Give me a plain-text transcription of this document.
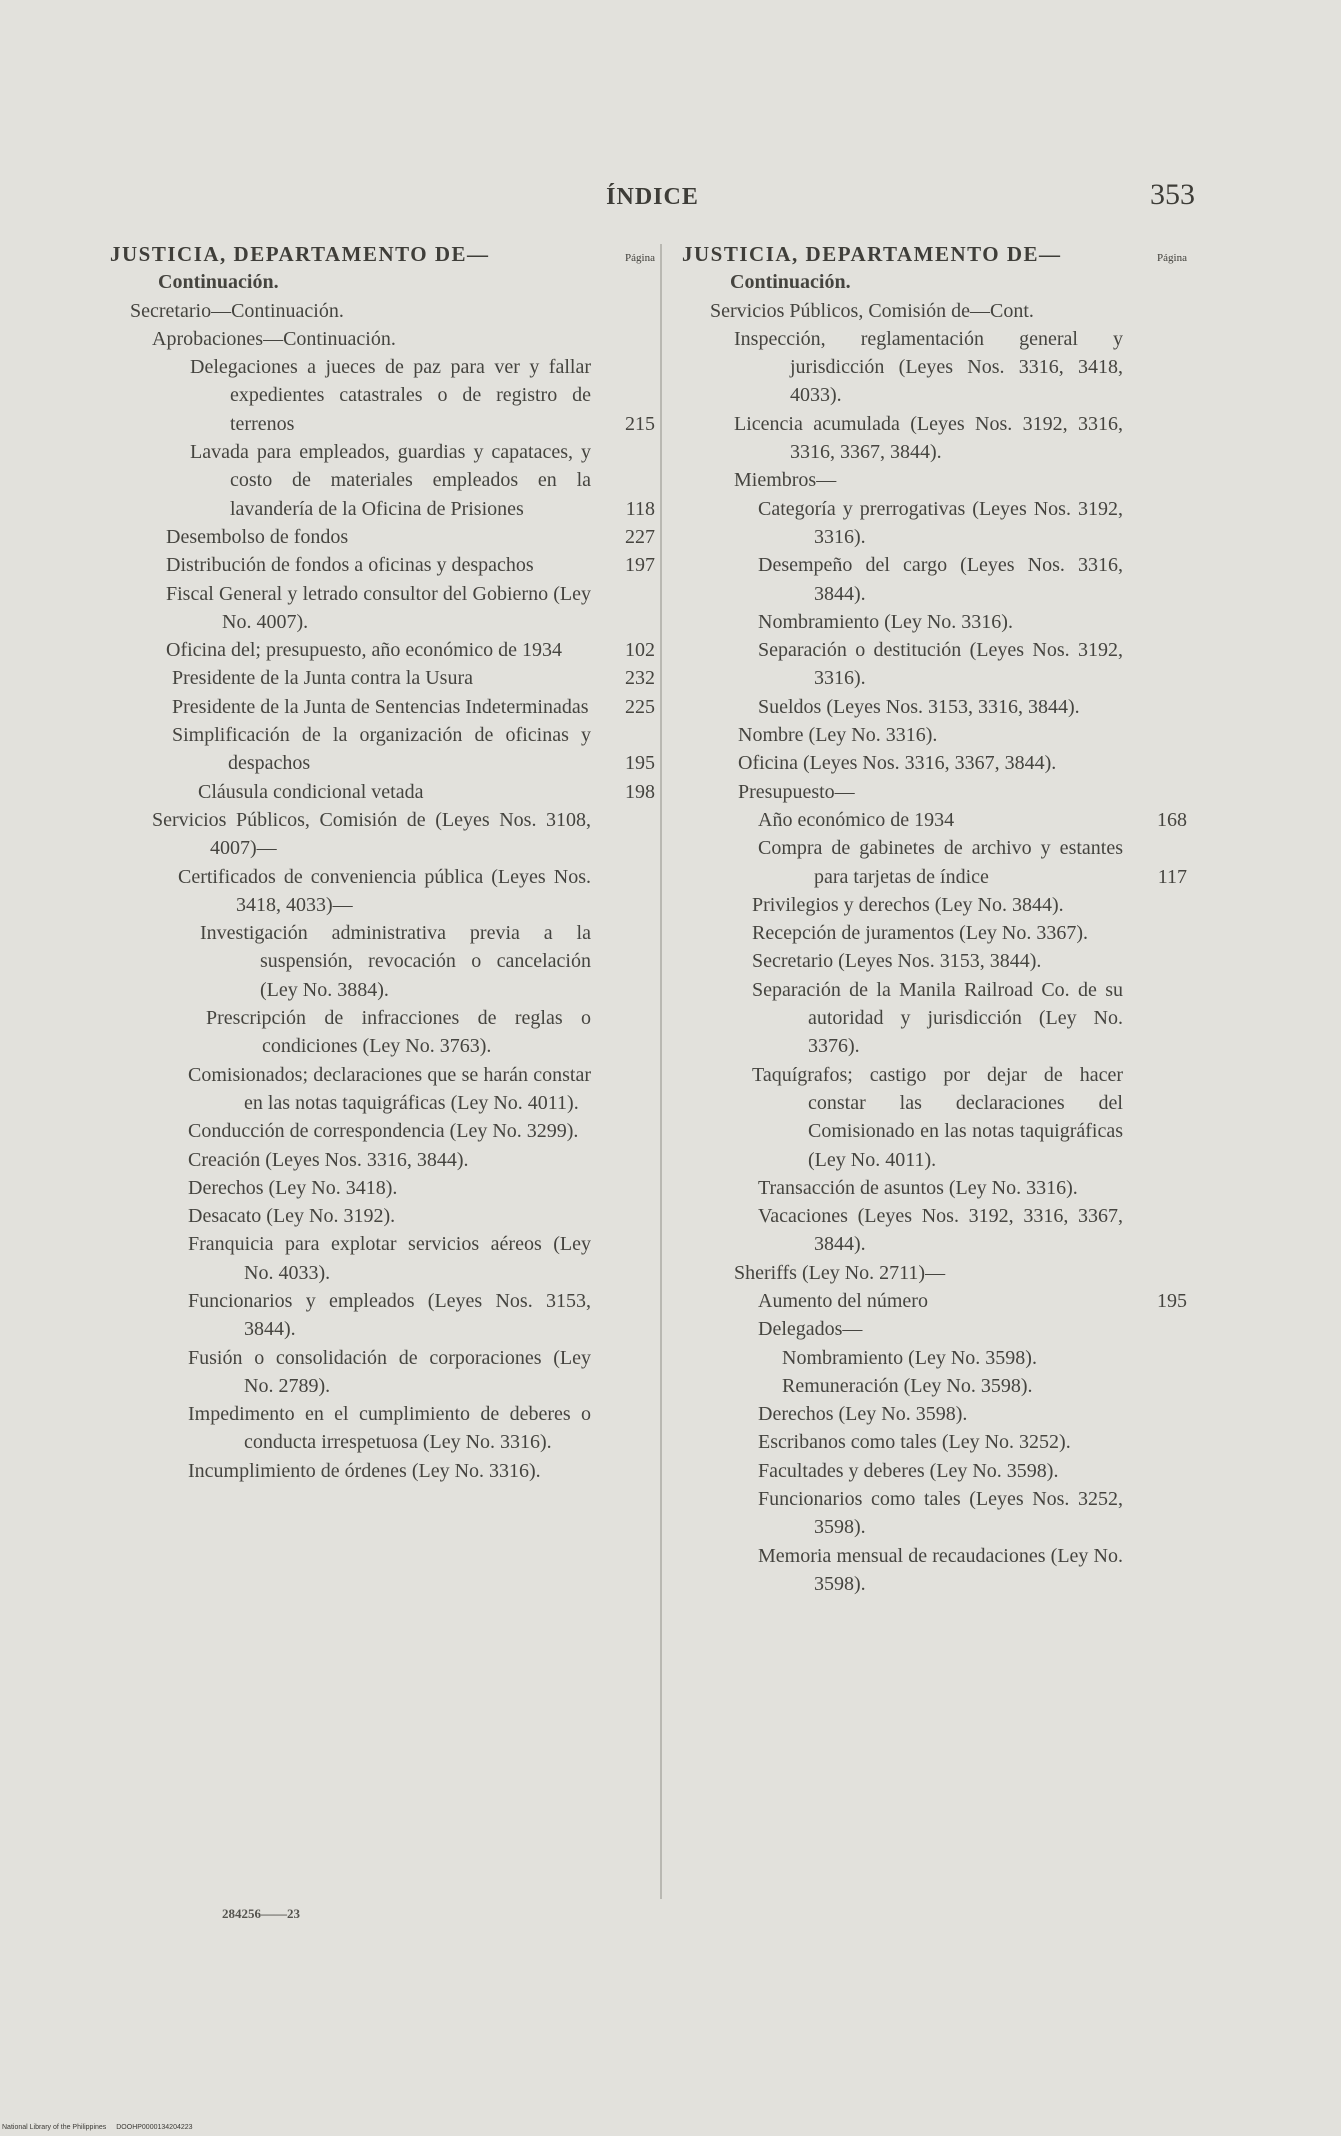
ÍNDICE	353
JUSTICIA, DEPARTAMENTO DE—	Página
Continuación.
Secretario—Continuación.
Aprobaciones—Continuación.
Delegaciones a jueces de paz para ver y fallar expedientes catastrales o de registro de terrenos	215
Lavada para empleados, guardias y capataces, y costo de materiales empleados en la lavandería de la Oficina de Prisiones	118
Desembolso de fondos	227
Distribución de fondos a oficinas y despachos	197
Fiscal General y letrado consultor del Gobierno (Ley No. 4007).
Oficina del; presupuesto, año económico de 1934	102
Presidente de la Junta contra la Usura	232
Presidente de la Junta de Sentencias Indeterminadas	225
Simplificación de la organización de oficinas y despachos	195
Cláusula condicional vetada	198
Servicios Públicos, Comisión de (Leyes Nos. 3108, 4007)—
Certificados de conveniencia pública (Leyes Nos. 3418, 4033)—
Investigación administrativa previa a la suspensión, revocación o cancelación (Ley No. 3884).
Prescripción de infracciones de reglas o condiciones (Ley No. 3763).
Comisionados; declaraciones que se harán constar en las notas taquigráficas (Ley No. 4011).
Conducción de correspondencia (Ley No. 3299).
Creación (Leyes Nos. 3316, 3844).
Derechos (Ley No. 3418).
Desacato (Ley No. 3192).
Franquicia para explotar servicios aéreos (Ley No. 4033).
Funcionarios y empleados (Leyes Nos. 3153, 3844).
Fusión o consolidación de corporaciones (Ley No. 2789).
Impedimento en el cumplimiento de deberes o conducta irrespetuosa (Ley No. 3316).
Incumplimiento de órdenes (Ley No. 3316).
JUSTICIA, DEPARTAMENTO DE—	Página
Continuación.
Servicios Públicos, Comisión de—Cont.
Inspección, reglamentación general y jurisdicción (Leyes Nos. 3316, 3418, 4033).
Licencia acumulada (Leyes Nos. 3192, 3316, 3316, 3367, 3844).
Miembros—
Categoría y prerrogativas (Leyes Nos. 3192, 3316).
Desempeño del cargo (Leyes Nos. 3316, 3844).
Nombramiento (Ley No. 3316).
Separación o destitución (Leyes Nos. 3192, 3316).
Sueldos (Leyes Nos. 3153, 3316, 3844).
Nombre (Ley No. 3316).
Oficina (Leyes Nos. 3316, 3367, 3844).
Presupuesto—
Año económico de 1934	168
Compra de gabinetes de archivo y estantes para tarjetas de índice	117
Privilegios y derechos (Ley No. 3844).
Recepción de juramentos (Ley No. 3367).
Secretario (Leyes Nos. 3153, 3844).
Separación de la Manila Railroad Co. de su autoridad y jurisdicción (Ley No. 3376).
Taquígrafos; castigo por dejar de hacer constar las declaraciones del Comisionado en las notas taquigráficas (Ley No. 4011).
Transacción de asuntos (Ley No. 3316).
Vacaciones (Leyes Nos. 3192, 3316, 3367, 3844).
Sheriffs (Ley No. 2711)—
Aumento del número	195
Delegados—
Nombramiento (Ley No. 3598).
Remuneración (Ley No. 3598).
Derechos (Ley No. 3598).
Escribanos como tales (Ley No. 3252).
Facultades y deberes (Ley No. 3598).
Funcionarios como tales (Leyes Nos. 3252, 3598).
Memoria mensual de recaudaciones (Ley No. 3598).
284256——23
National Library of the Philippines DOOHP0000134204223
